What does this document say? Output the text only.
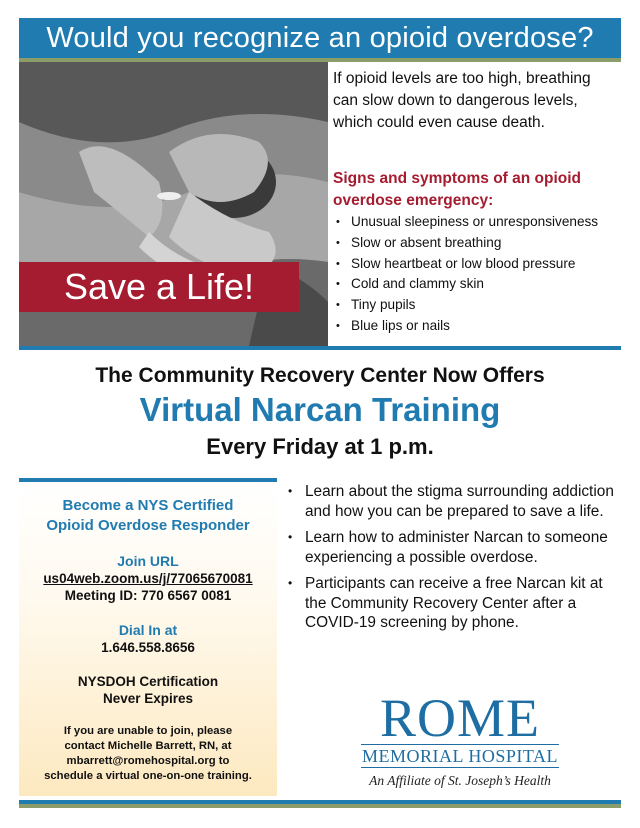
Would you recognize an opioid overdose?
Save a Life!
If opioid levels are too high, breathing can slow down to dangerous levels, which could even cause death.
Signs and symptoms of an opioid overdose emergency:
• Unusual sleepiness or unresponsiveness
• Slow or absent breathing
• Slow heartbeat or low blood pressure
• Cold and clammy skin
• Tiny pupils
• Blue lips or nails
The Community Recovery Center Now Offers
Virtual Narcan Training
Every Friday at 1 p.m.
Become a NYS Certified
Opioid Overdose Responder
Join URL
us04web.zoom.us/j/77065670081
Meeting ID: 770 6567 0081
Dial In at
1.646.558.8656
NYSDOH Certification
Never Expires
If you are unable to join, please
contact Michelle Barrett, RN, at
mbarrett@romehospital.org to
schedule a virtual one-on-one training.
• Learn about the stigma surrounding addiction and how you can be prepared to save a life.
• Learn how to administer Narcan to someone experiencing a possible overdose.
• Participants can receive a free Narcan kit at the Community Recovery Center after a COVID-19 screening by phone.
ROME
MEMORIAL HOSPITAL
An Affiliate of St. Joseph’s Health
